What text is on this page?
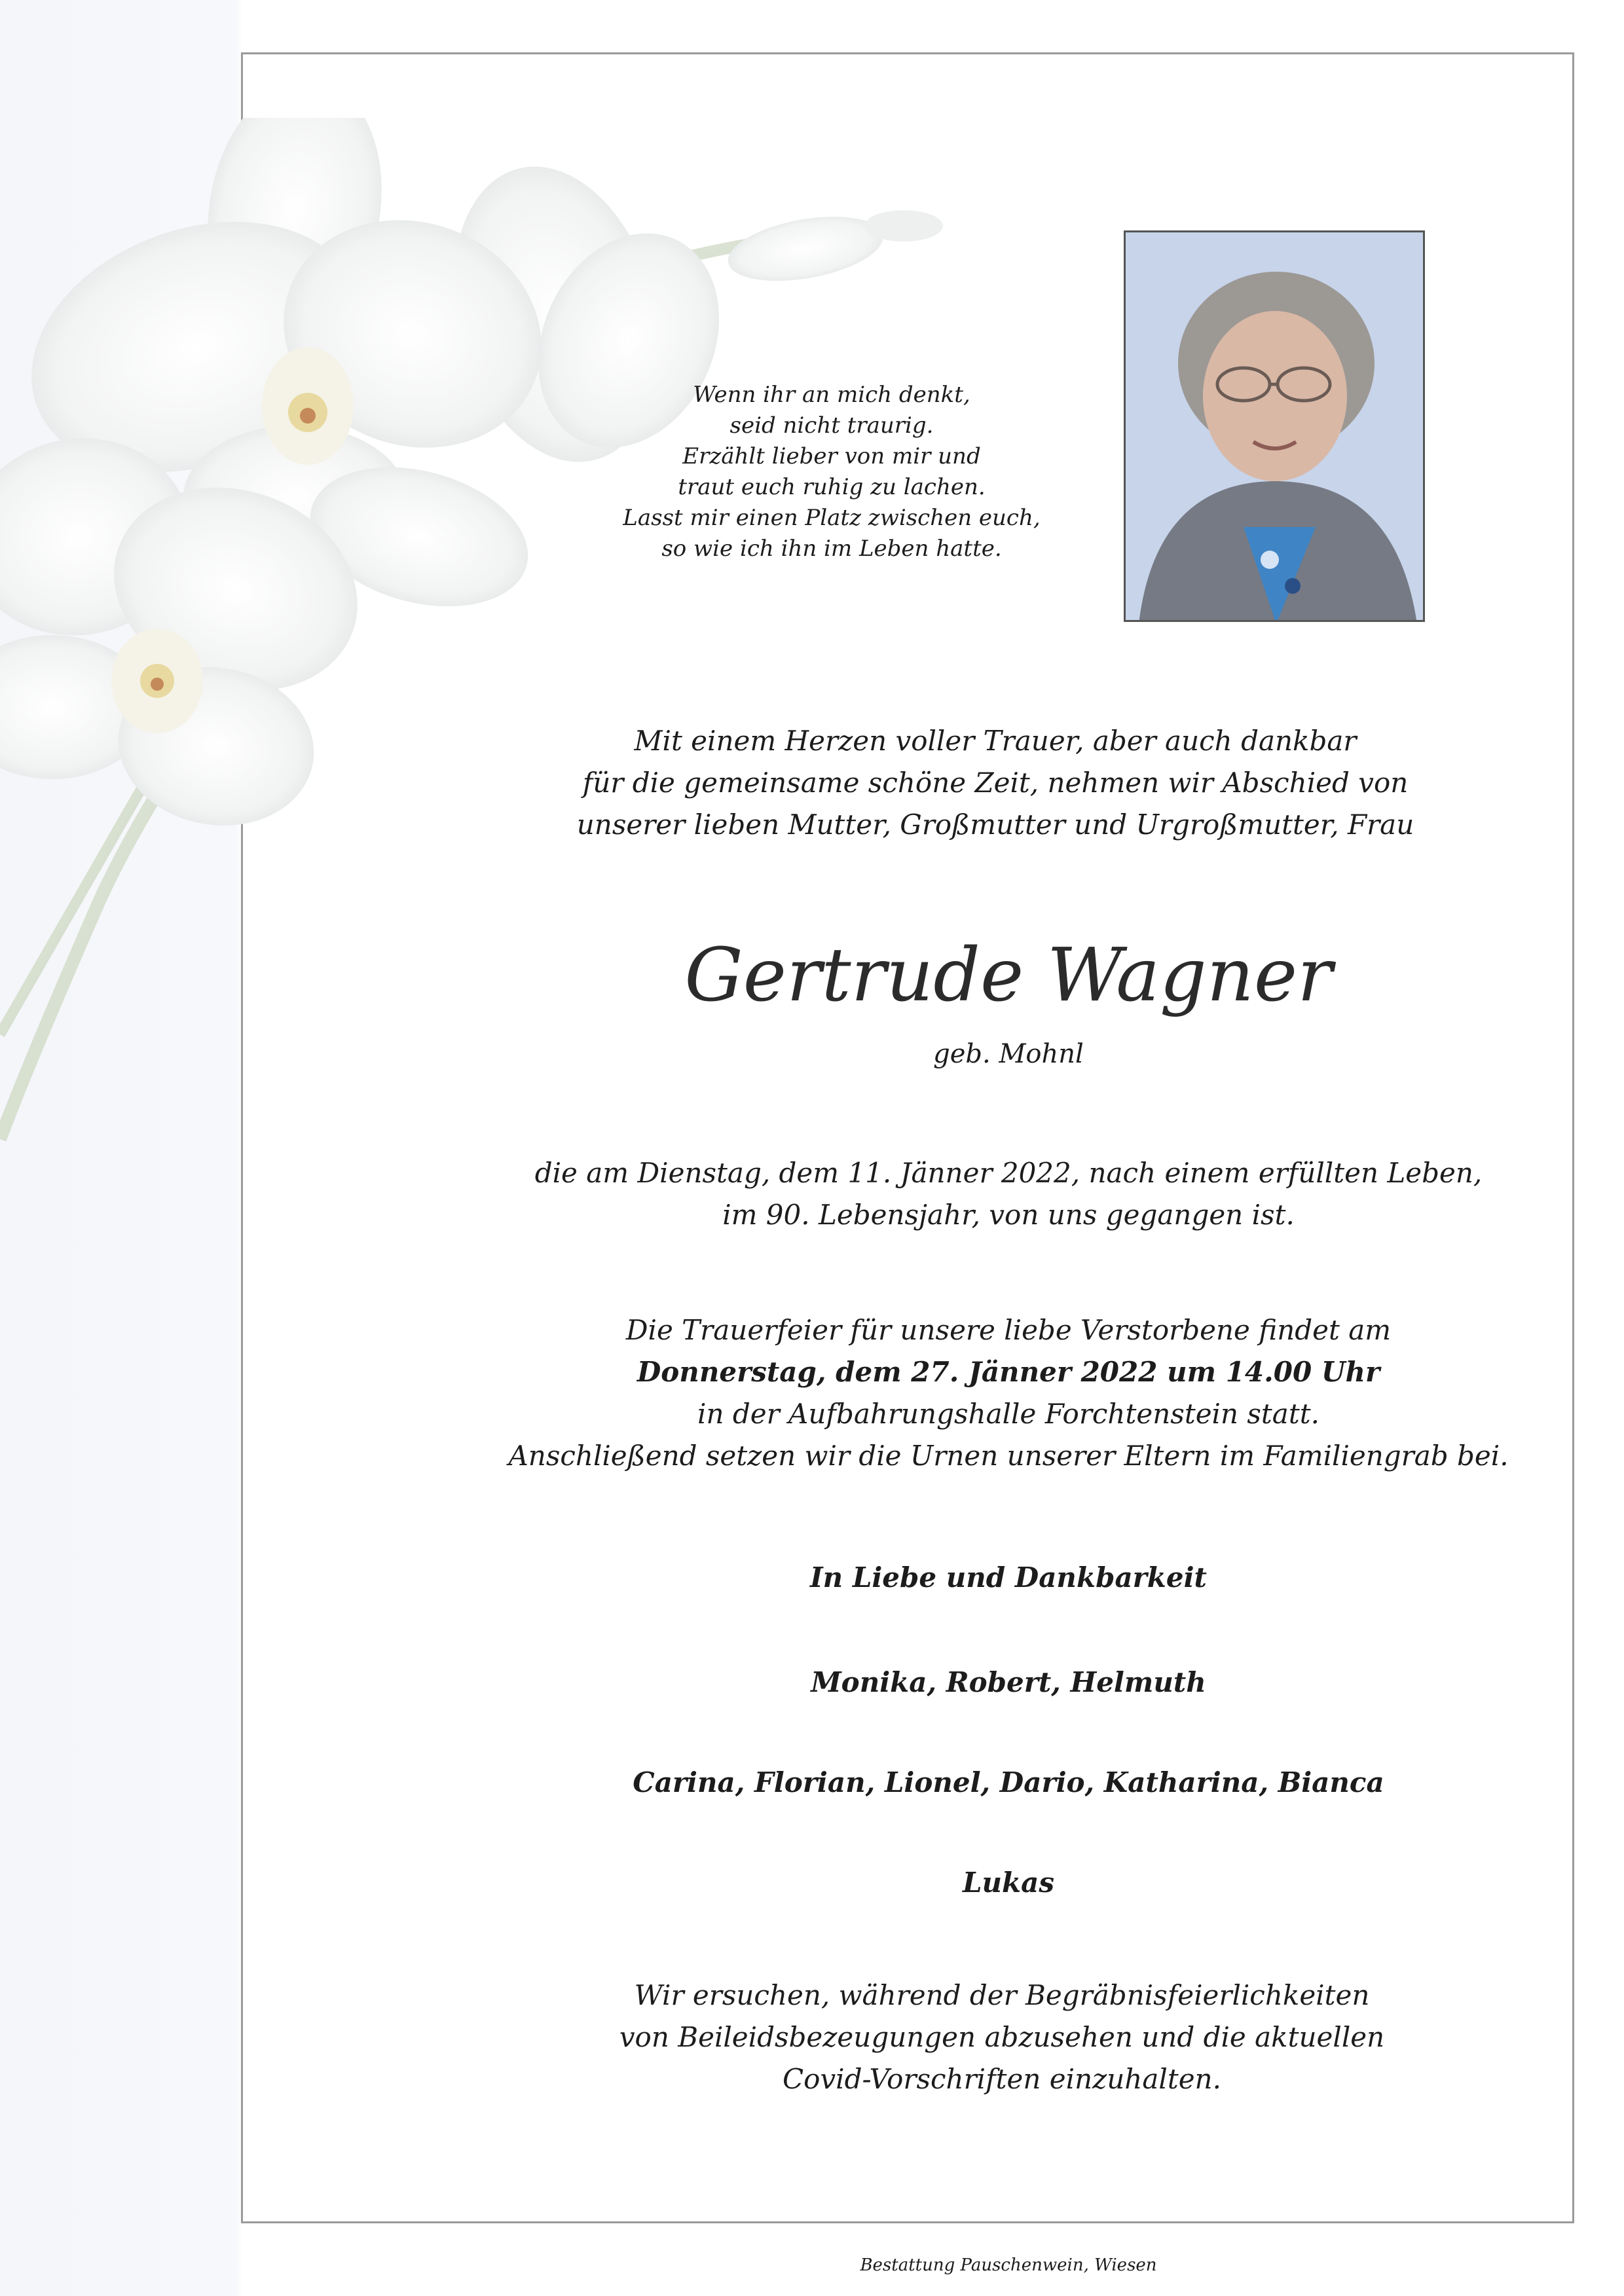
Wenn ihr an mich denkt,
seid nicht traurig.
Erzählt lieber von mir und
traut euch ruhig zu lachen.
Lasst mir einen Platz zwischen euch,
so wie ich ihn im Leben hatte.
Mit einem Herzen voller Trauer, aber auch dankbar
für die gemeinsame schöne Zeit, nehmen wir Abschied von
unserer lieben Mutter, Großmutter und Urgroßmutter, Frau
Gertrude Wagner
geb. Mohnl
die am Dienstag, dem 11. Jänner 2022, nach einem erfüllten Leben,
im 90. Lebensjahr, von uns gegangen ist.
Die Trauerfeier für unsere liebe Verstorbene findet am
Donnerstag, dem 27. Jänner 2022 um 14.00 Uhr
in der Aufbahrungshalle Forchtenstein statt.
Anschließend setzen wir die Urnen unserer Eltern im Familiengrab bei.
In Liebe und Dankbarkeit
Monika, Robert, Helmuth
Carina, Florian, Lionel, Dario, Katharina, Bianca
Lukas
Wir ersuchen, während der Begräbnisfeierlichkeiten
von Beileidsbezeugungen abzusehen und die aktuellen
Covid-Vorschriften einzuhalten.
Bestattung Pauschenwein, Wiesen
